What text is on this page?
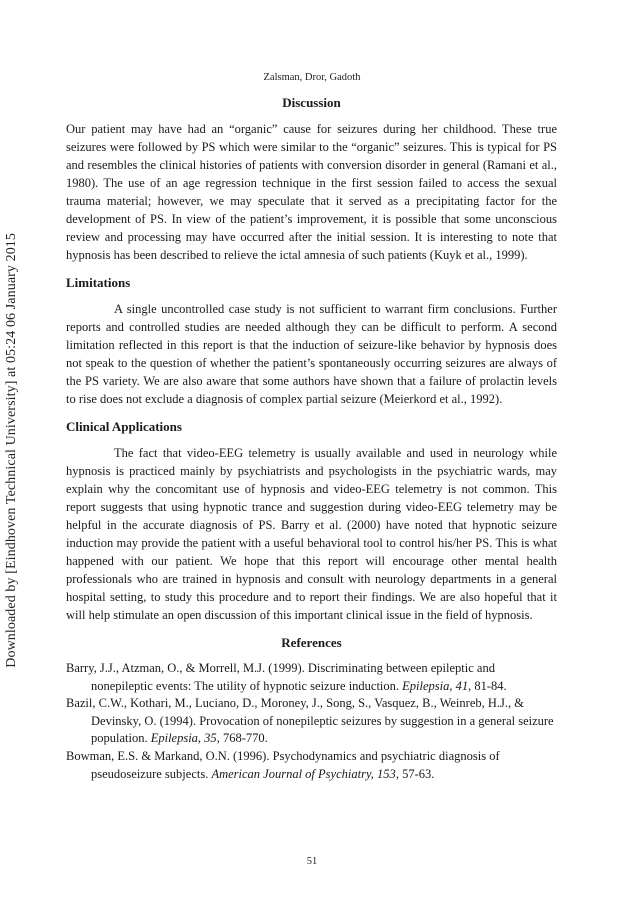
Downloaded by [Eindhoven Technical University] at 05:24 06 January 2015
Zalsman, Dror, Gadoth
Discussion

Our patient may have had an “organic” cause for seizures during her childhood. These true seizures were followed by PS which were similar to the “organic” seizures. This is typical for PS and resembles the clinical histories of patients with conversion disorder in general (Ramani et al., 1980). The use of an age regression technique in the first session failed to access the sexual trauma material; however, we may speculate that it served as a precipitating factor for the development of PS. In view of the patient’s improvement, it is possible that some unconscious review and processing may have occurred after the initial session. It is interesting to note that hypnosis has been described to relieve the ictal amnesia of such patients (Kuyk et al., 1999).

Limitations

A single uncontrolled case study is not sufficient to warrant firm conclusions. Further reports and controlled studies are needed although they can be difficult to perform. A second limitation reflected in this report is that the induction of seizure-like behavior by hypnosis does not speak to the question of whether the patient’s spontaneously occurring seizures are always of the PS variety. We are also aware that some authors have shown that a failure of prolactin levels to rise does not exclude a diagnosis of complex partial seizure (Meierkord et al., 1992).

Clinical Applications

The fact that video-EEG telemetry is usually available and used in neurology while hypnosis is practiced mainly by psychiatrists and psychologists in the psychiatric wards, may explain why the concomitant use of hypnosis and video-EEG telemetry is not common. This report suggests that using hypnotic trance and suggestion during video-EEG telemetry may be helpful in the accurate diagnosis of PS. Barry et al. (2000) have noted that hypnotic seizure induction may provide the patient with a useful behavioral tool to control his/her PS. This is what happened with our patient. We hope that this report will encourage other mental health professionals who are trained in hypnosis and consult with neurology departments in a general hospital setting, to study this procedure and to report their findings. We are also hopeful that it will help stimulate an open discussion of this important clinical issue in the field of hypnosis.

References

Barry, J.J., Atzman, O., & Morrell, M.J. (1999). Discriminating between epileptic and nonepileptic events: The utility of hypnotic seizure induction. Epilepsia, 41, 81-84.

Bazil, C.W., Kothari, M., Luciano, D., Moroney, J., Song, S., Vasquez, B., Weinreb, H.J., & Devinsky, O. (1994). Provocation of nonepileptic seizures by suggestion in a general seizure population. Epilepsia, 35, 768-770.

Bowman, E.S. & Markand, O.N. (1996). Psychodynamics and psychiatric diagnosis of pseudoseizure subjects. American Journal of Psychiatry, 153, 57-63.

51
